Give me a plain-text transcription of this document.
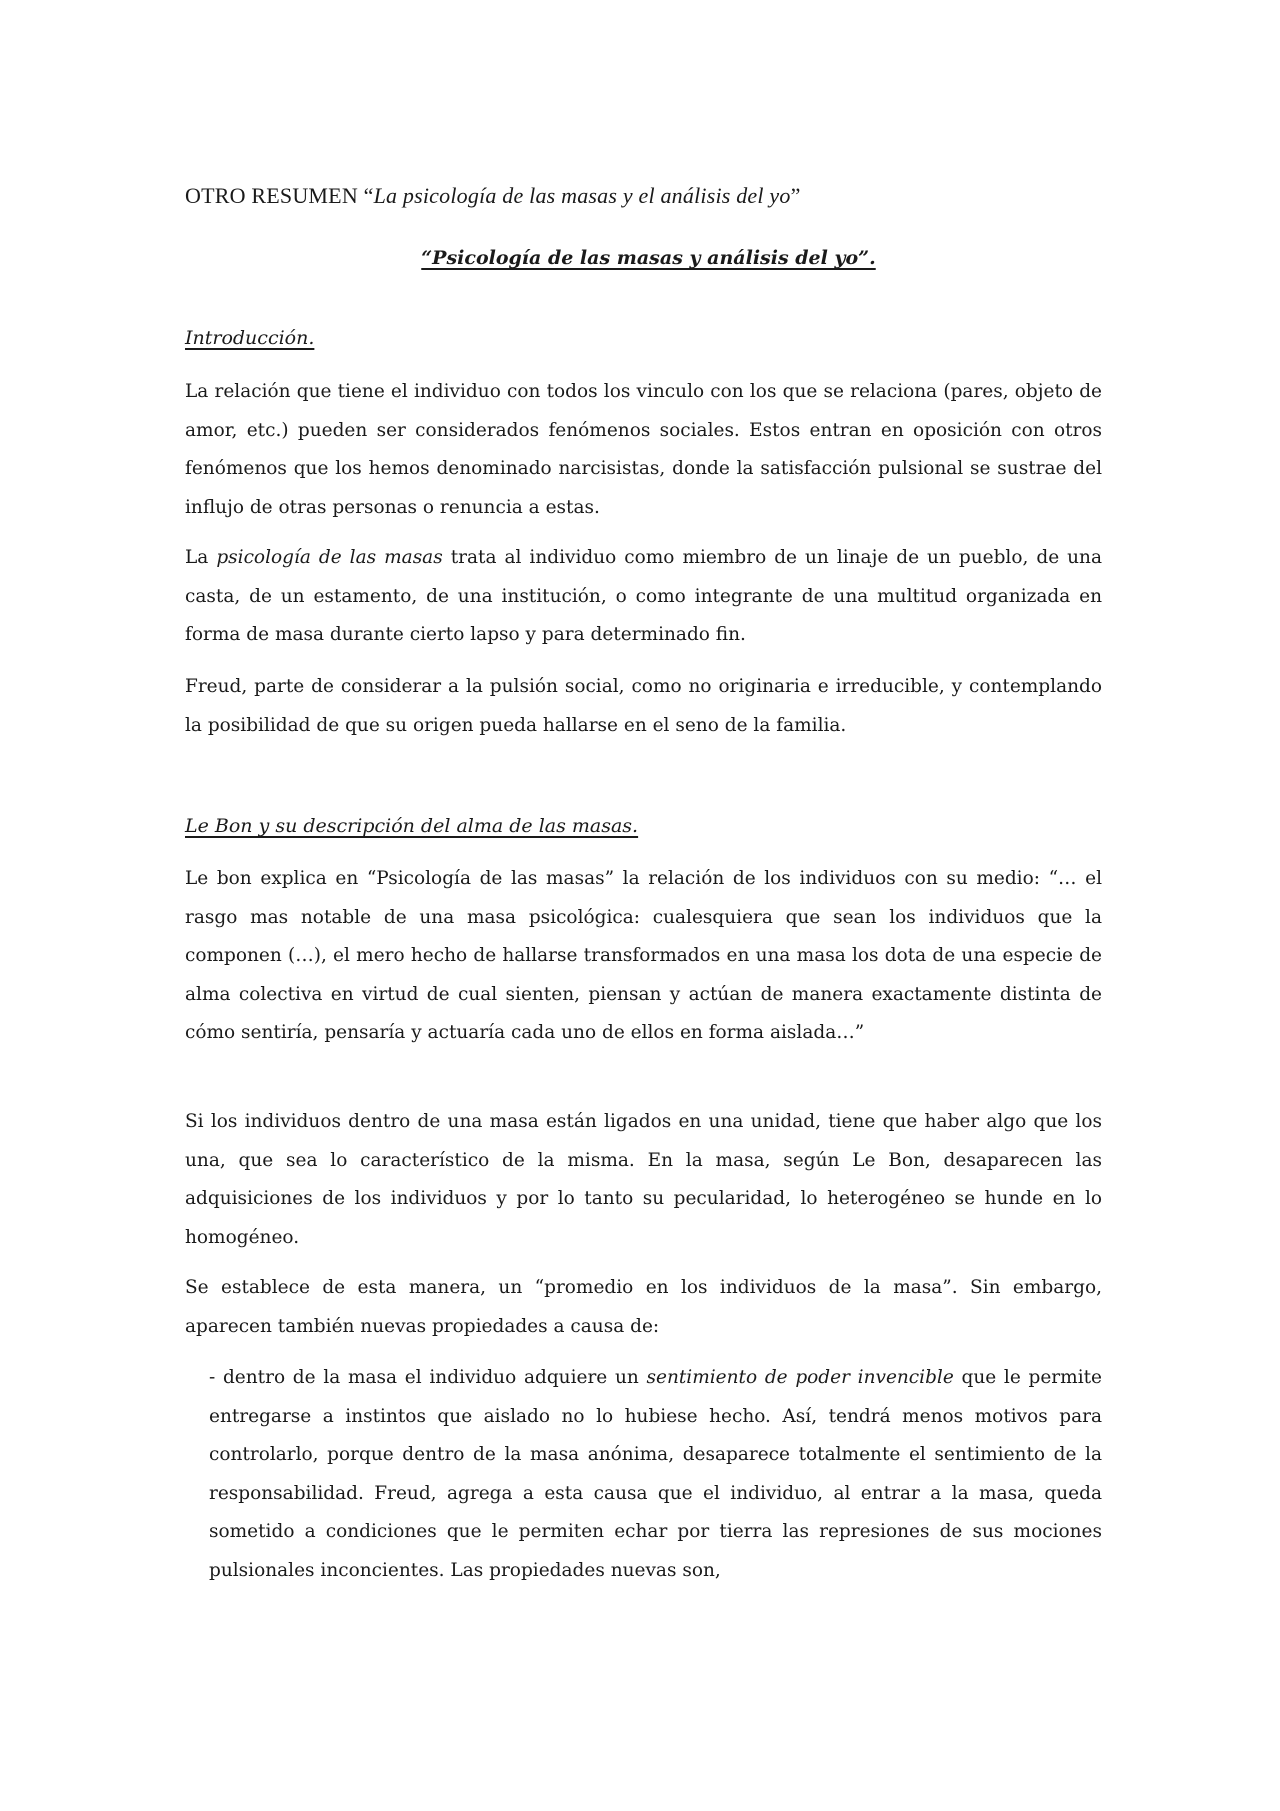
OTRO RESUMEN “La psicología de las masas y el análisis del yo”
“Psicología de las masas y análisis del yo”.
Introducción.

La relación que tiene el individuo con todos los vinculo con los que se relaciona (pares, objeto de amor, etc.) pueden ser considerados fenómenos sociales. Estos entran en oposición con otros fenómenos que los hemos denominado narcisistas, donde la satisfacción pulsional se sustrae del influjo de otras personas o renuncia a estas.

La psicología de las masas trata al individuo como miembro de un linaje de un pueblo, de una casta, de un estamento, de una institución, o como integrante de una multitud organizada en forma de masa durante cierto lapso y para determinado fin.

Freud, parte de considerar a la pulsión social, como no originaria e irreducible, y contemplando la posibilidad de que su origen pueda hallarse en el seno de la familia.

Le Bon y su descripción del alma de las masas.

Le bon explica en “Psicología de las masas” la relación de los individuos con su medio: “… el rasgo mas notable de una masa psicológica: cualesquiera que sean los individuos que la componen (…), el mero hecho de hallarse transformados en una masa los dota de una especie de alma colectiva en virtud de cual sienten, piensan y actúan de manera exactamente distinta de cómo sentiría, pensaría y actuaría cada uno de ellos en forma aislada…”

Si los individuos dentro de una masa están ligados en una unidad, tiene que haber algo que los una, que sea lo característico de la misma. En la masa, según Le Bon, desaparecen las adquisiciones de los individuos y por lo tanto su pecularidad, lo heterogéneo se hunde en lo homogéneo.

Se establece de esta manera, un “promedio en los individuos de la masa”. Sin embargo, aparecen también nuevas propiedades a causa de:

- dentro de la masa el individuo adquiere un sentimiento de poder invencible que le permite entregarse a instintos que aislado no lo hubiese hecho. Así, tendrá menos motivos para controlarlo, porque dentro de la masa anónima, desaparece totalmente el sentimiento de la responsabilidad. Freud, agrega a esta causa que el individuo, al entrar a la masa, queda sometido a condiciones que le permiten echar por tierra las represiones de sus mociones pulsionales inconcientes. Las propiedades nuevas son,
